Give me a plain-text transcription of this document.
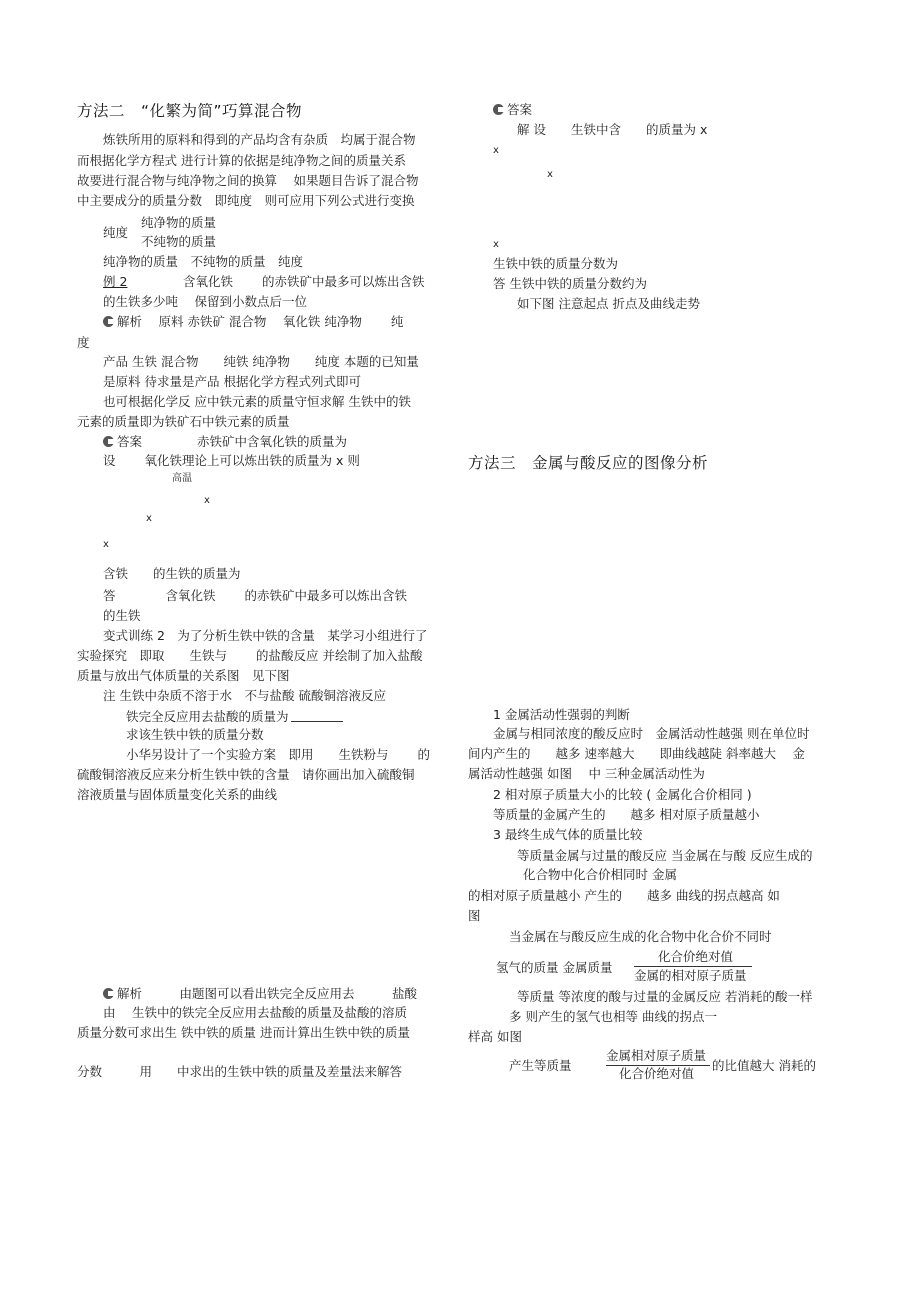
方法二　“化繁为简”巧算混合物
炼铁所用的原料和得到的产品均含有杂质　均属于混合物
而根据化学方程式 进行计算的依据是纯净物之间的质量关系
故要进行混合物与纯净物之间的换算　 如果题目告诉了混合物
中主要成分的质量分数　即纯度　则可应用下列公式进行变换
纯度
纯净物的质量
不纯物的质量
纯净物的质量　不纯物的质量　纯度
例 2	含氧化铁　　 的赤铁矿中最多可以炼出含铁
的生铁多少吨　 保留到小数点后一位
解析　 原料 赤铁矿 混合物　 氧化铁 纯净物　　 纯
度
产品 生铁 混合物　　纯铁 纯净物　　纯度 本题的已知量
是原料 待求量是产品 根据化学方程式列式即可
也可根据化学反 应中铁元素的质量守恒求解 生铁中的铁
元素的质量即为铁矿石中铁元素的质量
答案	赤铁矿中含氧化铁的质量为
设　　 氧化铁理论上可以炼出铁的质量为 x 则
高温
x
x
x
含铁　　的生铁的质量为
答　　　　含氧化铁　　 的赤铁矿中最多可以炼出含铁
的生铁
变式训练 2　为了分析生铁中铁的含量　某学习小组进行了
实验探究　即取　　生铁与　　 的盐酸反应 并绘制了加入盐酸
质量与放出气体质量的关系图　见下图
注 生铁中杂质不溶于水　不与盐酸 硫酸铜溶液反应
铁完全反应用去盐酸的质量为
求该生铁中铁的质量分数
小华另设计了一个实验方案　即用　　生铁粉与　　 的
硫酸铜溶液反应来分析生铁中铁的含量　请你画出加入硫酸铜
溶液质量与固体质量变化关系的曲线
解析　　　由题图可以看出铁完全反应用去　　　盐酸
由　 生铁中的铁完全反应用去盐酸的质量及盐酸的溶质
质量分数可求出生 铁中铁的质量 进而计算出生铁中铁的质量
分数　　　用　　中求出的生铁中铁的质量及差量法来解答
答案
解 设　　生铁中含　　的质量为 x
x
x
x
生铁中铁的质量分数为
答 生铁中铁的质量分数约为
如下图 注意起点 折点及曲线走势
方法三　金属与酸反应的图像分析
1 金属活动性强弱的判断
金属与相同浓度的酸反应时　金属活动性越强 则在单位时
间内产生的　　越多 速率越大　　即曲线越陡 斜率越大　 金
属活动性越强 如图　 中 三种金属活动性为
2 相对原子质量大小的比较 ( 金属化合价相同 )
等质量的金属产生的　　越多 相对原子质量越小
3 最终生成气体的质量比较
等质量金属与过量的酸反应 当金属在与酸 反应生成的
化合物中化合价相同时 金属
的相对原子质量越小 产生的　　越多 曲线的拐点越高 如
图
当金属在与酸反应生成的化合物中化合价不同时
氢气的质量 金属质量
化合价绝对值
金属的相对原子质量
等质量 等浓度的酸与过量的金属反应 若消耗的酸一样
多 则产生的氢气也相等 曲线的拐点一
样高 如图
产生等质量
金属相对原子质量
化合价绝对值
的比值越大 消耗的
